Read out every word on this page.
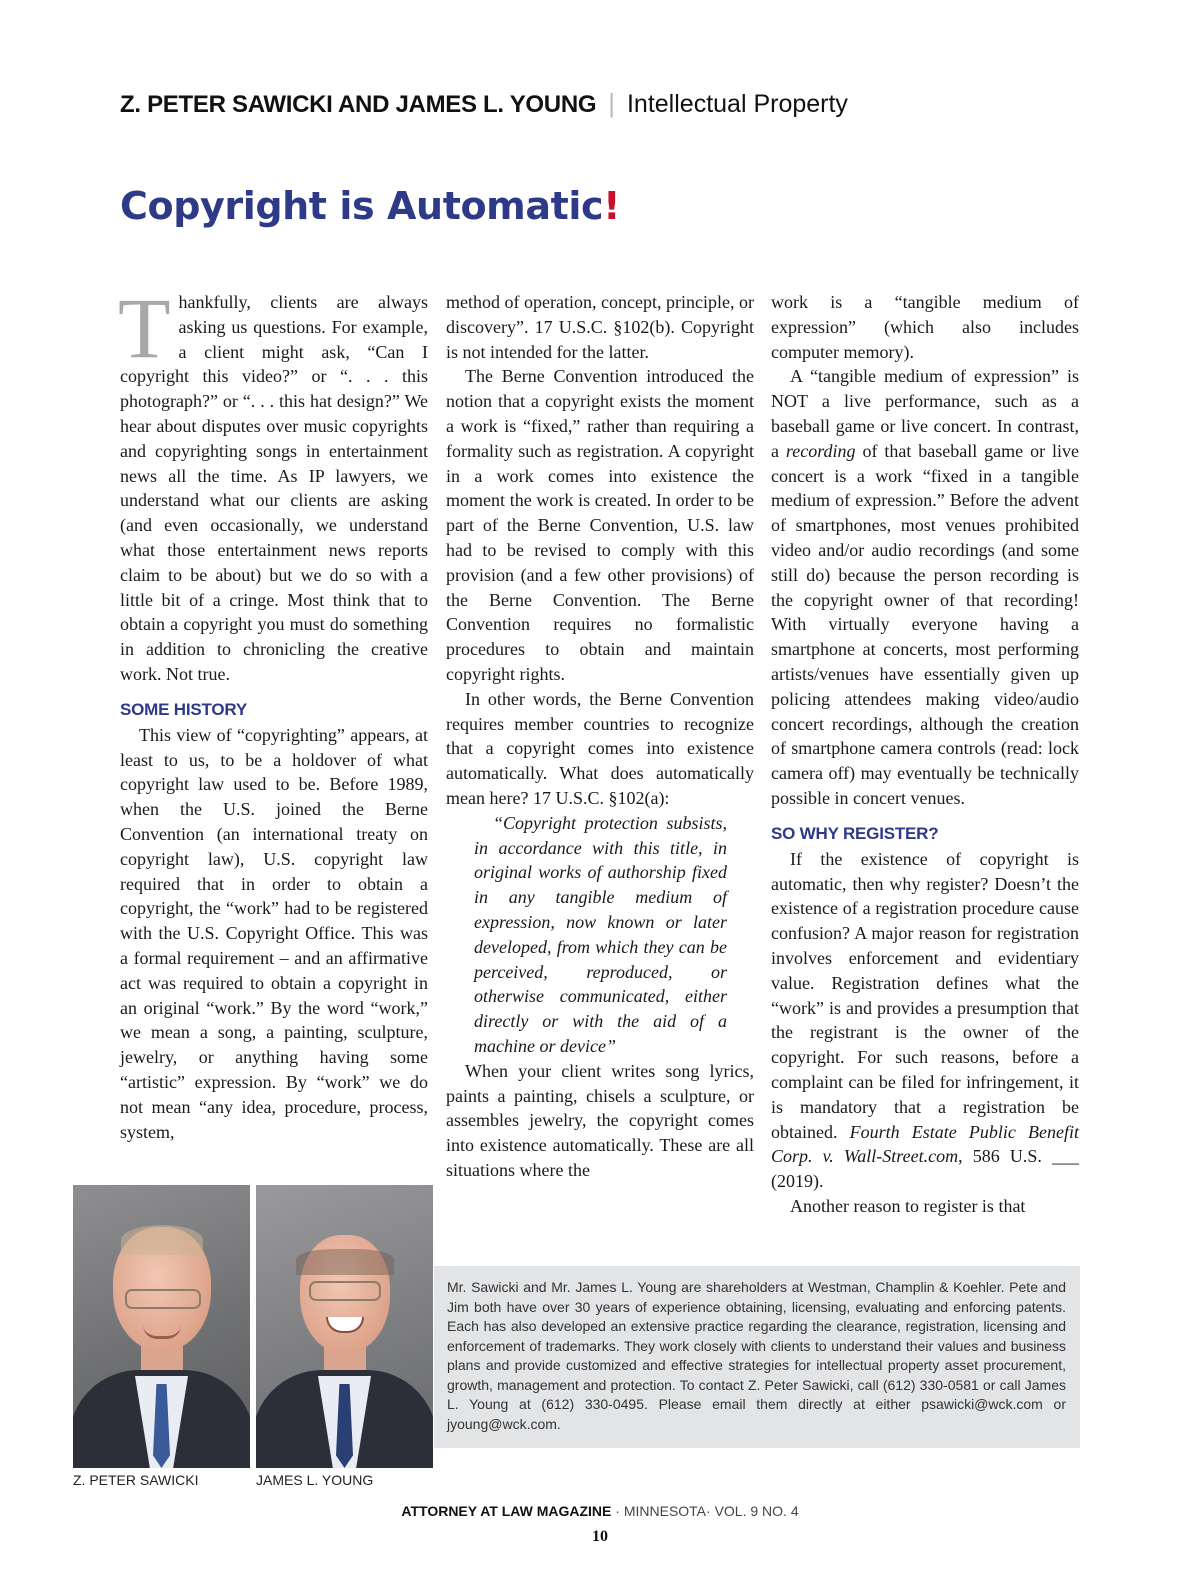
Z. PETER SAWICKI AND JAMES L. YOUNG | Intellectual Property
Copyright is Automatic!

Thankfully, clients are always asking us questions. For example, a client might ask, “Can I copyright this video?” or “. . . this photograph?” or “. . . this hat design?” We hear about disputes over music copyrights and copyrighting songs in entertainment news all the time. As IP lawyers, we understand what our clients are asking (and even occasionally, we understand what those entertainment news reports claim to be about) but we do so with a little bit of a cringe. Most think that to obtain a copyright you must do something in addition to chronicling the creative work. Not true.

SOME HISTORY

This view of “copyrighting” appears, at least to us, to be a holdover of what copyright law used to be. Before 1989, when the U.S. joined the Berne Convention (an international treaty on copyright law), U.S. copyright law required that in order to obtain a copyright, the “work” had to be registered with the U.S. Copyright Office. This was a formal requirement – and an affirmative act was required to obtain a copyright in an original “work.” By the word “work,” we mean a song, a painting, sculpture, jewelry, or anything having some “artistic” expression. By “work” we do not mean “any idea, procedure, process, system,

method of operation, concept, principle, or discovery”. 17 U.S.C. §102(b). Copyright is not intended for the latter.

The Berne Convention introduced the notion that a copyright exists the moment a work is “fixed,” rather than requiring a formality such as registration. A copyright in a work comes into existence the moment the work is created. In order to be part of the Berne Convention, U.S. law had to be revised to comply with this provision (and a few other provisions) of the Berne Convention. The Berne Convention requires no formalistic procedures to obtain and maintain copyright rights.

In other words, the Berne Convention requires member countries to recognize that a copyright comes into existence automatically. What does automatically mean here? 17 U.S.C. §102(a):

“Copyright protection subsists, in accordance with this title, in original works of authorship fixed in any tangible medium of expression, now known or later developed, from which they can be perceived, reproduced, or otherwise communicated, either directly or with the aid of a machine or device”

When your client writes song lyrics, paints a painting, chisels a sculpture, or assembles jewelry, the copyright comes into existence automatically. These are all situations where the

work is a “tangible medium of expression” (which also includes computer memory).

A “tangible medium of expression” is NOT a live performance, such as a baseball game or live concert. In contrast, a recording of that baseball game or live concert is a work “fixed in a tangible medium of expression.” Before the advent of smartphones, most venues prohibited video and/or audio recordings (and some still do) because the person recording is the copyright owner of that recording! With virtually everyone having a smartphone at concerts, most performing artists/venues have essentially given up policing attendees making video/audio concert recordings, although the creation of smartphone camera controls (read: lock camera off) may eventually be technically possible in concert venues.

SO WHY REGISTER?

If the existence of copyright is automatic, then why register? Doesn’t the existence of a registration procedure cause confusion? A major reason for registration involves enforcement and evidentiary value. Registration defines what the “work” is and provides a presumption that the registrant is the owner of the copyright. For such reasons, before a complaint can be filed for infringement, it is mandatory that a registration be obtained. Fourth Estate Public Benefit Corp. v. Wall-Street.com, 586 U.S. ___ (2019).

Another reason to register is that

Z. PETER SAWICKI	JAMES L. YOUNG
Mr. Sawicki and Mr. James L. Young are shareholders at Westman, Champlin & Koehler. Pete and Jim both have over 30 years of experience obtaining, licensing, evaluating and enforcing patents. Each has also developed an extensive practice regarding the clearance, registration, licensing and enforcement of trademarks. They work closely with clients to understand their values and business plans and provide customized and effective strategies for intellectual property asset procurement, growth, management and protection. To contact Z. Peter Sawicki, call (612) 330-0581 or call James L. Young at (612) 330-0495. Please email them directly at either psawicki@wck.com or jyoung@wck.com.
ATTORNEY AT LAW MAGAZINE · MINNESOTA· VOL. 9 NO. 4
10
